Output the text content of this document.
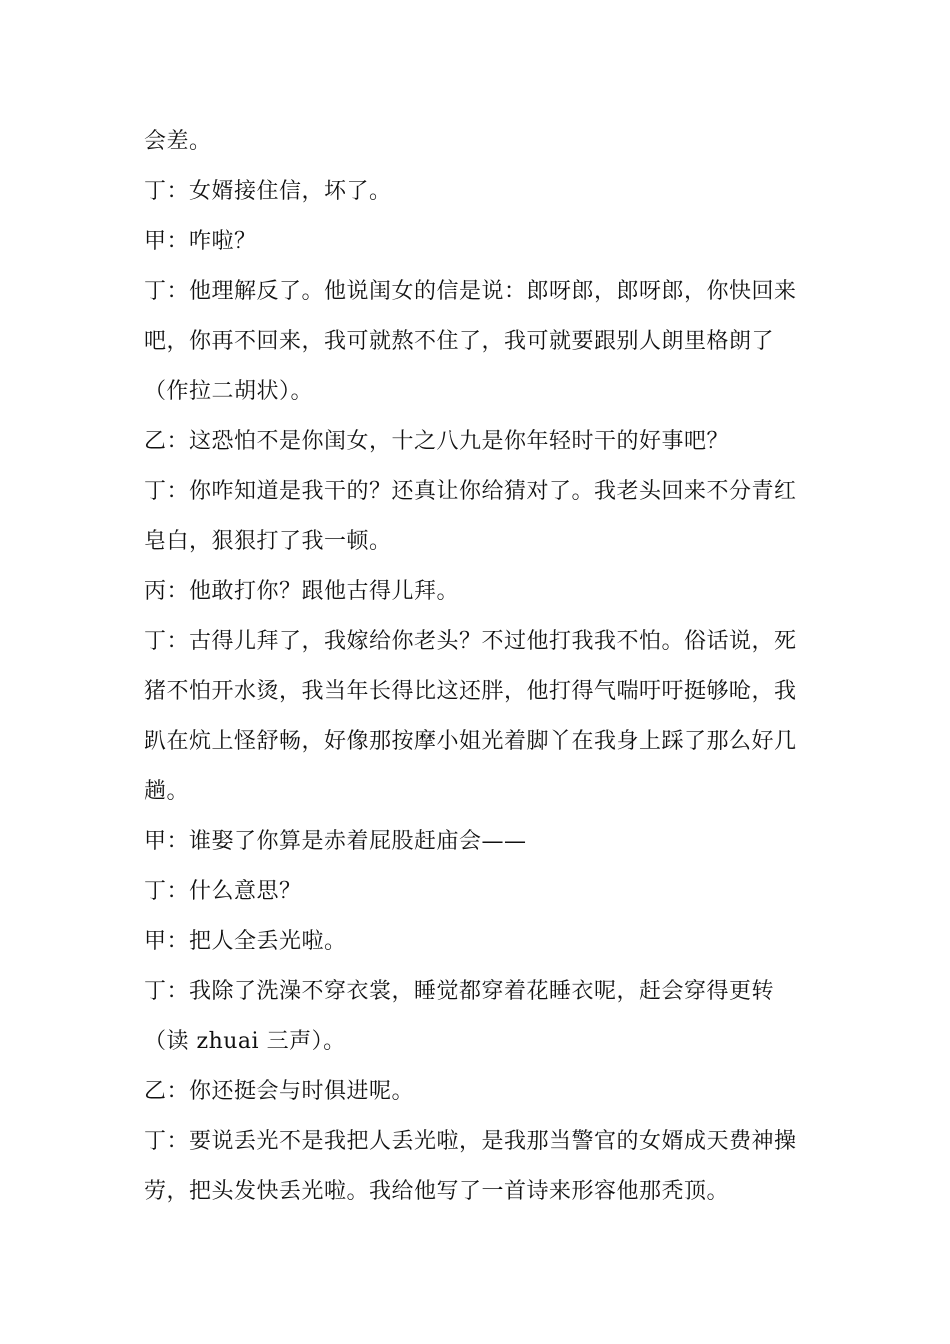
会差。
丁：女婿接住信，坏了。
甲：咋啦？
丁：他理解反了。他说闺女的信是说：郎呀郎，郎呀郎，你快回来
吧，你再不回来，我可就熬不住了，我可就要跟别人朗里格朗了
（作拉二胡状）。
乙：这恐怕不是你闺女，十之八九是你年轻时干的好事吧？
丁：你咋知道是我干的？还真让你给猜对了。我老头回来不分青红
皂白，狠狠打了我一顿。
丙：他敢打你？跟他古得儿拜。
丁：古得儿拜了，我嫁给你老头？不过他打我我不怕。俗话说，死
猪不怕开水烫，我当年长得比这还胖，他打得气喘吁吁挺够呛，我
趴在炕上怪舒畅，好像那按摩小姐光着脚丫在我身上踩了那么好几
趟。
甲：谁娶了你算是赤着屁股赶庙会——
丁：什么意思？
甲：把人全丢光啦。
丁：我除了洗澡不穿衣裳，睡觉都穿着花睡衣呢，赶会穿得更转
（读 zhuai 三声）。
乙：你还挺会与时俱进呢。
丁：要说丢光不是我把人丢光啦，是我那当警官的女婿成天费神操
劳，把头发快丢光啦。我给他写了一首诗来形容他那秃顶。
